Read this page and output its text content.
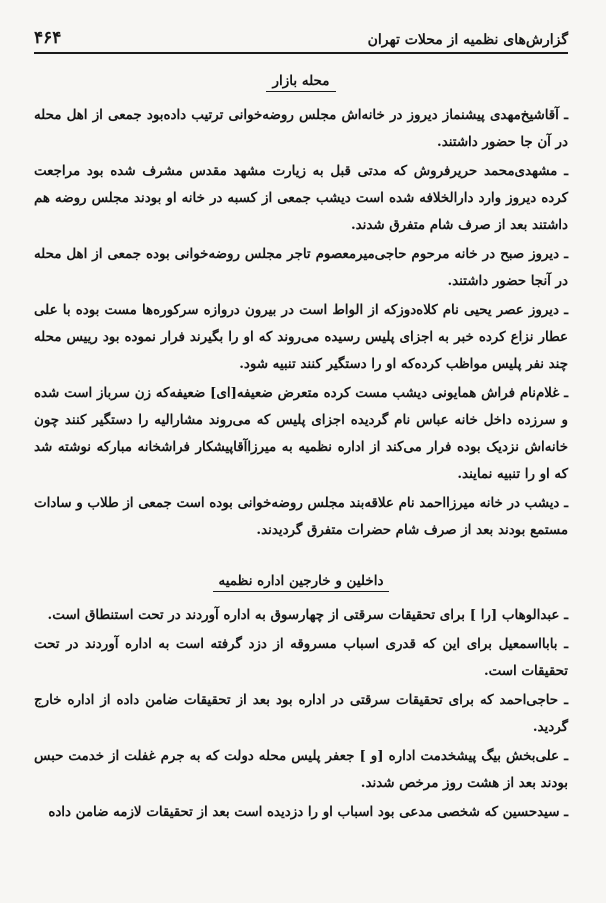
گزارش‌های نظمیه از محلات تهران
۴۶۴
محله بازار

ـ آقاشیخ‌مهدی پیشنماز دیروز در خانه‌اش مجلس روضه‌خوانی ترتیب داده‌بود جمعی از اهل محله در آن جا حضور داشتند.

ـ مشهدی‌محمد حریرفروش که مدتی قبل به زیارت مشهد مقدس مشرف شده بود مراجعت کرده دیروز وارد دارالخلافه شده است دیشب جمعی از کسبه در خانه او بودند مجلس روضه هم داشتند بعد از صرف شام متفرق شدند.

ـ دیروز صبح در خانه مرحوم حاجی‌میرمعصوم تاجر مجلس روضه‌خوانی بوده جمعی از اهل محله در آنجا حضور داشتند.

ـ دیروز عصر یحیی نام کلاه‌دوزکه از الواط است در بیرون دروازه سرکوره‌ها مست بوده با علی عطار نزاع کرده خبر به اجزای پلیس رسیده می‌روند که او را بگیرند فرار نموده بود رییس محله چند نفر پلیس مواظب کرده‌که او را دستگیر کنند تنبیه شود.

ـ غلام‌نام فراش همایونی دیشب مست کرده متعرض ضعیفه[ای] ضعیفه‌که زن سرباز است شده و سرزده داخل خانه عباس نام گردیده اجزای پلیس که می‌روند مشارالیه را دستگیر کنند چون خانه‌اش نزدیک بوده فرار می‌کند از اداره نظمیه به میرزاآقاپیشکار فراشخانه مبارکه نوشته شد که او را تنبیه نمایند.

ـ دیشب در خانه میرزااحمد نام علاقه‌بند مجلس روضه‌خوانی بوده است جمعی از طلاب و سادات مستمع بودند بعد از صرف شام حضرات متفرق گردیدند.

داخلین و خارجین اداره نظمیه

ـ عبدالوهاب [را ] برای تحقیقات سرقتی از چهارسوق به اداره آوردند در تحت استنطاق است.

ـ بابااسمعیل برای این که قدری اسباب مسروقه از دزد گرفته است به اداره آوردند در تحت تحقیقات است.

ـ حاجی‌احمد که برای تحقیقات سرقتی در اداره بود بعد از تحقیقات ضامن داده از اداره خارج گردید.

ـ علی‌بخش بیگ پیشخدمت اداره [و ] جعفر پلیس محله دولت که به جرم غفلت از خدمت حبس بودند بعد از هشت روز مرخص شدند.

ـ سیدحسین که شخصی مدعی بود اسباب او را دزدیده است بعد از تحقیقات لازمه ضامن داده
